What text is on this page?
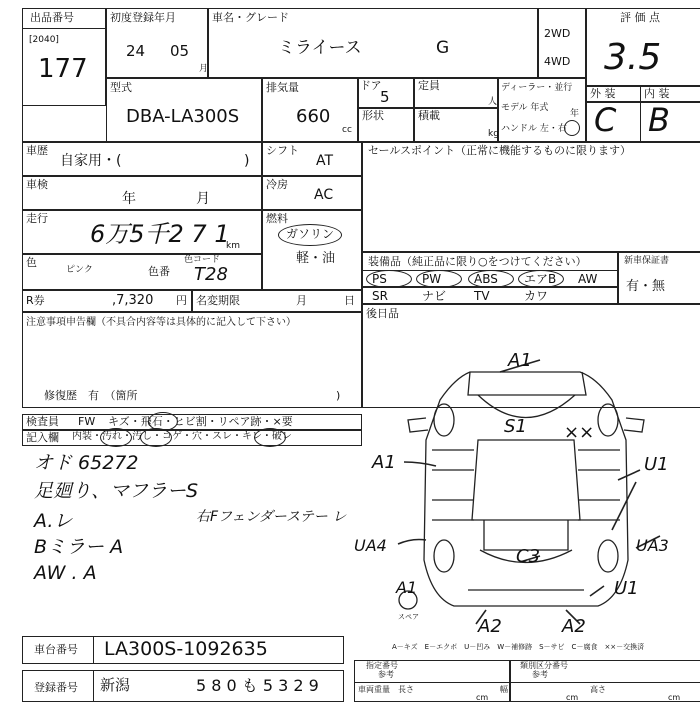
出品番号
[2040]
177
初度登録年月
24 05
月
車名・グレード
ミライース	G
2WD
4WD
評 価 点
3.5
外 装	内 装
C B
型式
DBA-LA300S
排気量
660
cc
ドア
5
定員
人
形状	積載
kg
ディーラー・並行
モデル 年式
年
ハンドル 左・右
車歴
自家用・(	)
シフト
AT
車検
年	月
冷房
AC
走行
6万5千2 7 1
km
燃料
ガソリン
軽・油
色
ピンク	色番
色コード
T28
R券	,7,320 円 名変期限	月	日
注意事項申告欄（不具合内容等は具体的に記入して下さい）
修復歴　有　（箇所	)
セールスポイント（正常に機能するものに限ります）
装備品（純正品に限り○をつけてください）	新車保証書
有・無
PS	PW	ABS エアB AW
SR	ナビ TV	カワ
後日品
検査員 FW キズ・飛石・ヒビ割・リペア跡・×要
記入欄 内装・汚れ・汚し・コゲ・穴・スレ・キレ・破レ
オド 65272
足廻り、マフラーS
A.レ
Bミラー A
AW . A
右Fフェンダーステー レ
A1
S1 ××
A1	U1
UA4	UA3
C3
A1	U1
A2	A2
スペア
A－キズ　E－エクボ　U－凹み　W－補修跡　S－サビ　C－腐食　××－交換済
車台番号 LA300S-1092635
登録番号 新潟	5 8 0 も 5 3 2 9
指定番号
参考
類別区分番号
参考
車両重量 長さ
cm
幅
cm
高さ
cm
